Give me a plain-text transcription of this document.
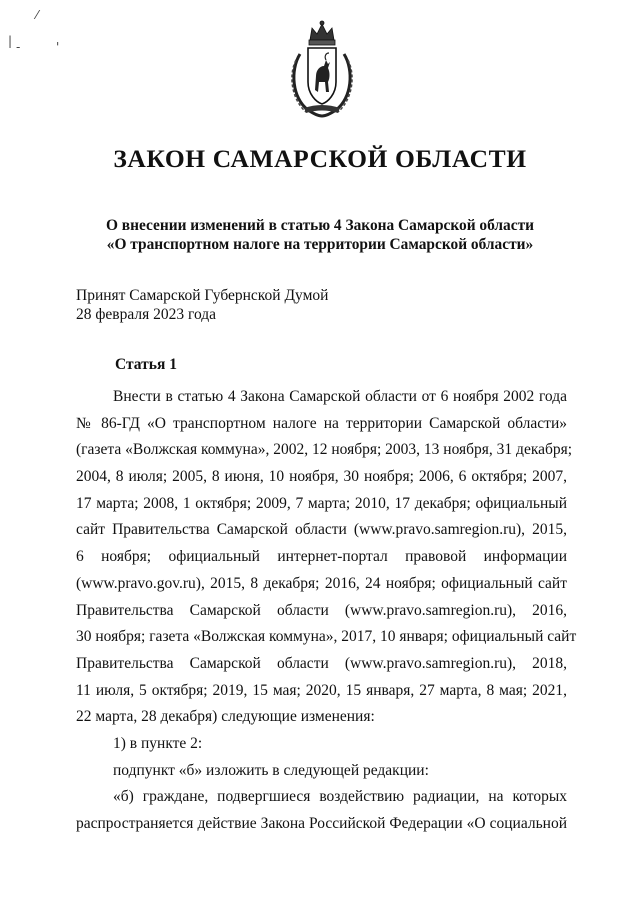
⁄
| -	'
ЗАКОН САМАРСКОЙ ОБЛАСТИ
О внесении изменений в статью 4 Закона Самарской области
«О транспортном налоге на территории Самарской области»
Принят Самарской Губернской Думой
28 февраля 2023 года
Статья 1
Внести в статью 4 Закона Самарской области от 6 ноября 2002 года
№ 86-ГД «О транспортном налоге на территории Самарской области»
(газета «Волжская коммуна», 2002, 12 ноября; 2003, 13 ноября, 31 декабря;
2004, 8 июля; 2005, 8 июня, 10 ноября, 30 ноября; 2006, 6 октября; 2007,
17 марта; 2008, 1 октября; 2009, 7 марта; 2010, 17 декабря; официальный
сайт Правительства Самарской области (www.pravo.samregion.ru), 2015,
6 ноября; официальный интернет-портал правовой информации
(www.pravo.gov.ru), 2015, 8 декабря; 2016, 24 ноября; официальный сайт
Правительства Самарской области (www.pravo.samregion.ru), 2016,
30 ноября; газета «Волжская коммуна», 2017, 10 января; официальный сайт
Правительства Самарской области (www.pravo.samregion.ru), 2018,
11 июля, 5 октября; 2019, 15 мая; 2020, 15 января, 27 марта, 8 мая; 2021,
22 марта, 28 декабря) следующие изменения:
1) в пункте 2:
подпункт «б» изложить в следующей редакции:
«б) граждане, подвергшиеся воздействию радиации, на которых
распространяется действие Закона Российской Федерации «О социальной
